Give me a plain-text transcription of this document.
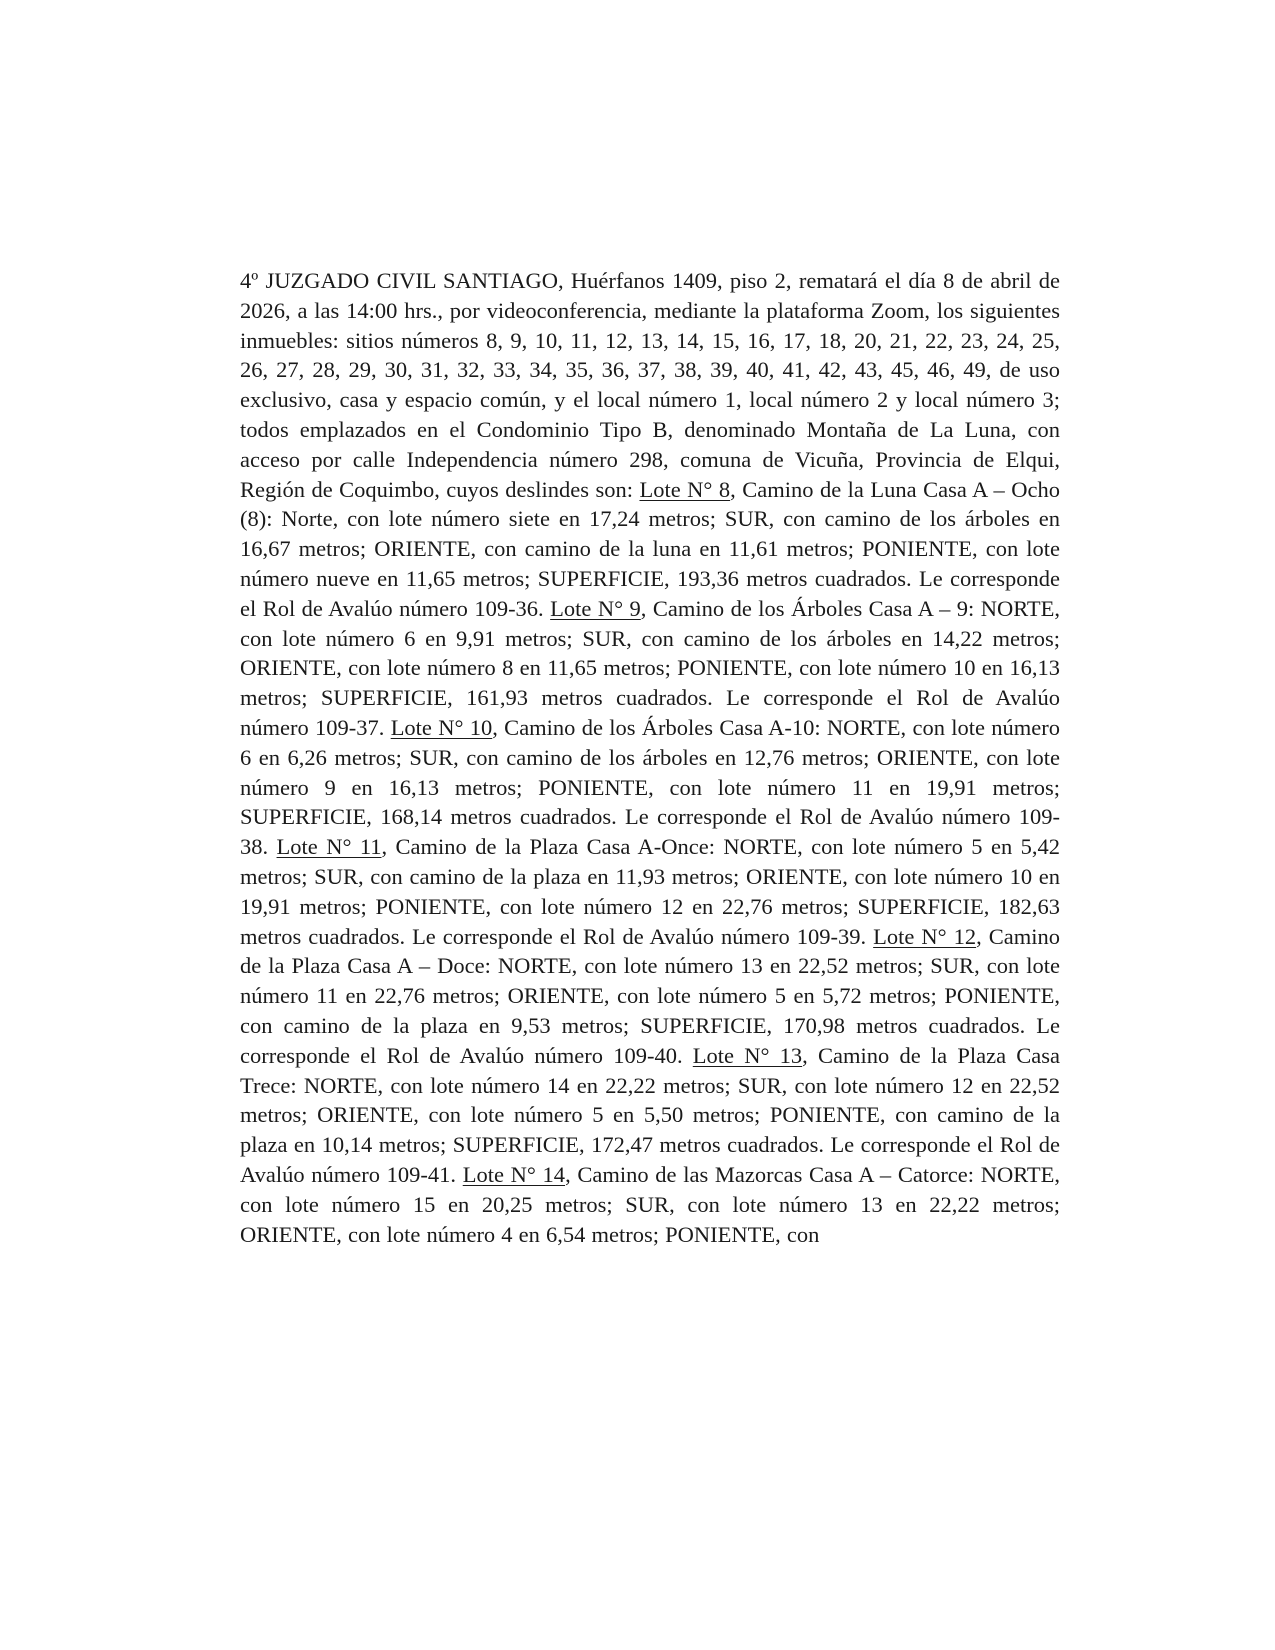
4º JUZGADO CIVIL SANTIAGO, Huérfanos 1409, piso 2, rematará el día 8 de abril de 2026, a las 14:00 hrs., por videoconferencia, mediante la plataforma Zoom, los siguientes inmuebles: sitios números 8, 9, 10, 11, 12, 13, 14, 15, 16, 17, 18, 20, 21, 22, 23, 24, 25, 26, 27, 28, 29, 30, 31, 32, 33, 34, 35, 36, 37, 38, 39, 40, 41, 42, 43, 45, 46, 49, de uso exclusivo, casa y espacio común, y el local número 1, local número 2 y local número 3; todos emplazados en el Condominio Tipo B, denominado Montaña de La Luna, con acceso por calle Independencia número 298, comuna de Vicuña, Provincia de Elqui, Región de Coquimbo, cuyos deslindes son: Lote N° 8, Camino de la Luna Casa A – Ocho (8): Norte, con lote número siete en 17,24 metros; SUR, con camino de los árboles en 16,67 metros; ORIENTE, con camino de la luna en 11,61 metros; PONIENTE, con lote número nueve en 11,65 metros; SUPERFICIE, 193,36 metros cuadrados. Le corresponde el Rol de Avalúo número 109-36. Lote N° 9, Camino de los Árboles Casa A – 9: NORTE, con lote número 6 en 9,91 metros; SUR, con camino de los árboles en 14,22 metros; ORIENTE, con lote número 8 en 11,65 metros; PONIENTE, con lote número 10 en 16,13 metros; SUPERFICIE, 161,93 metros cuadrados. Le corresponde el Rol de Avalúo número 109-37. Lote N° 10, Camino de los Árboles Casa A-10: NORTE, con lote número 6 en 6,26 metros; SUR, con camino de los árboles en 12,76 metros; ORIENTE, con lote número 9 en 16,13 metros; PONIENTE, con lote número 11 en 19,91 metros; SUPERFICIE, 168,14 metros cuadrados. Le corresponde el Rol de Avalúo número 109-38. Lote N° 11, Camino de la Plaza Casa A-Once: NORTE, con lote número 5 en 5,42 metros; SUR, con camino de la plaza en 11,93 metros; ORIENTE, con lote número 10 en 19,91 metros; PONIENTE, con lote número 12 en 22,76 metros; SUPERFICIE, 182,63 metros cuadrados. Le corresponde el Rol de Avalúo número 109-39. Lote N° 12, Camino de la Plaza Casa A – Doce: NORTE, con lote número 13 en 22,52 metros; SUR, con lote número 11 en 22,76 metros; ORIENTE, con lote número 5 en 5,72 metros; PONIENTE, con camino de la plaza en 9,53 metros; SUPERFICIE, 170,98 metros cuadrados. Le corresponde el Rol de Avalúo número 109-40. Lote N° 13, Camino de la Plaza Casa Trece: NORTE, con lote número 14 en 22,22 metros; SUR, con lote número 12 en 22,52 metros; ORIENTE, con lote número 5 en 5,50 metros; PONIENTE, con camino de la plaza en 10,14 metros; SUPERFICIE, 172,47 metros cuadrados. Le corresponde el Rol de Avalúo número 109-41. Lote N° 14, Camino de las Mazorcas Casa A – Catorce: NORTE, con lote número 15 en 20,25 metros; SUR, con lote número 13 en 22,22 metros; ORIENTE, con lote número 4 en 6,54 metros; PONIENTE, con
